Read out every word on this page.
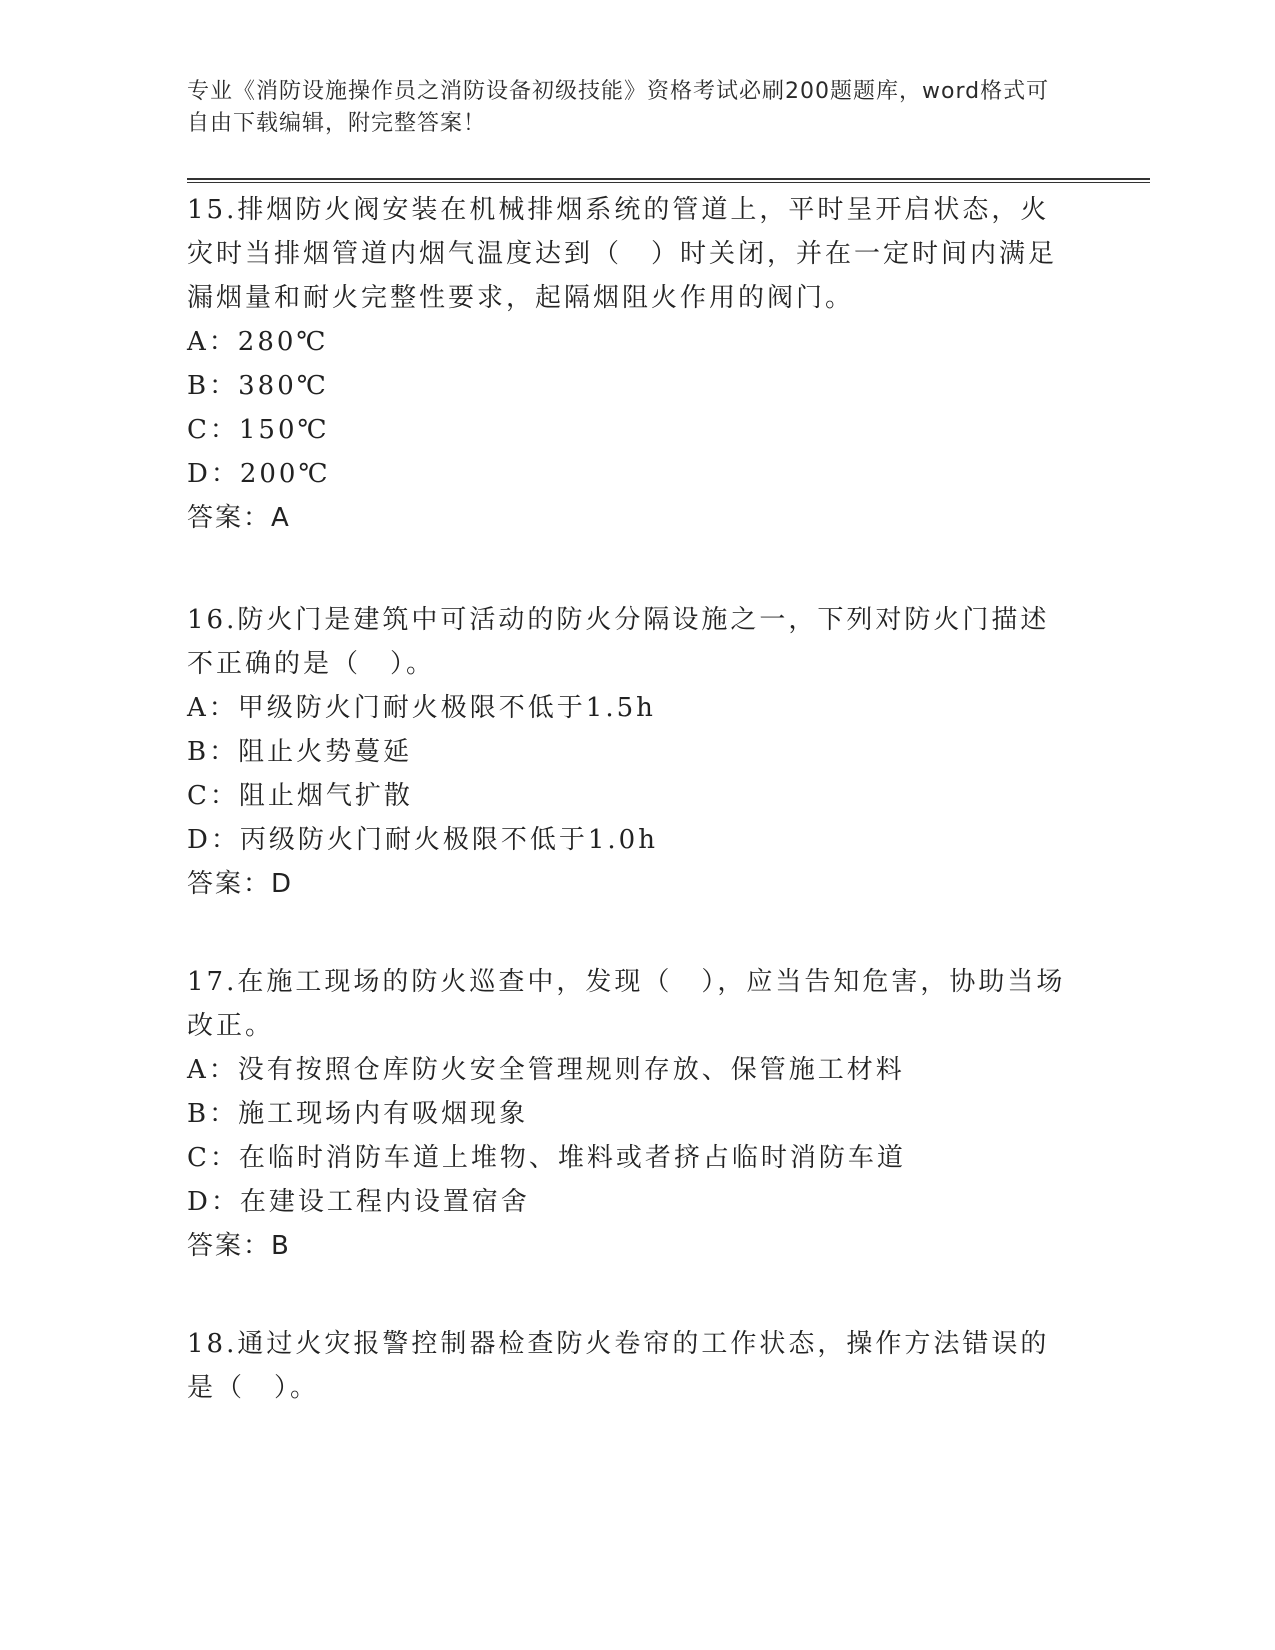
专业《消防设施操作员之消防设备初级技能》资格考试必刷200题题库，word格式可自由下载编辑，附完整答案！

15.排烟防火阀安装在机械排烟系统的管道上，平时呈开启状态，火灾时当排烟管道内烟气温度达到（　）时关闭，并在一定时间内满足漏烟量和耐火完整性要求，起隔烟阻火作用的阀门。

A：280℃

B：380℃

C：150℃

D：200℃

答案：A

16.防火门是建筑中可活动的防火分隔设施之一，下列对防火门描述不正确的是（　）。

A：甲级防火门耐火极限不低于1.5h

B：阻止火势蔓延

C：阻止烟气扩散

D：丙级防火门耐火极限不低于1.0h

答案：D

17.在施工现场的防火巡查中，发现（　），应当告知危害，协助当场改正。

A：没有按照仓库防火安全管理规则存放、保管施工材料

B：施工现场内有吸烟现象

C：在临时消防车道上堆物、堆料或者挤占临时消防车道

D：在建设工程内设置宿舍

答案：B

18.通过火灾报警控制器检查防火卷帘的工作状态，操作方法错误的是（　）。
